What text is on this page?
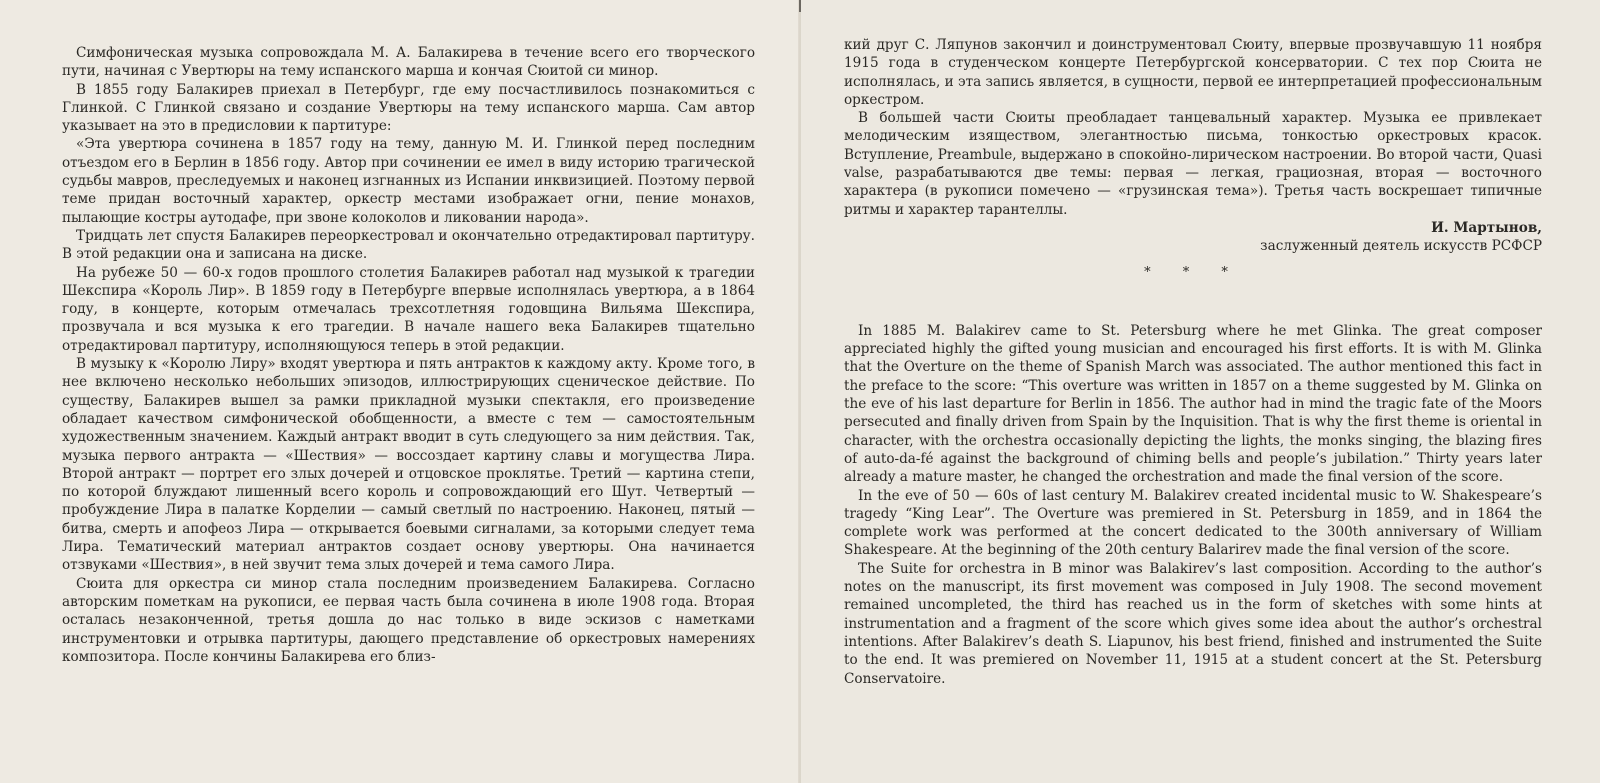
Симфоническая музыка сопровождала М. А. Балакирева в течение всего его творческого пути, начиная с Увертюры на тему испанского марша и кончая Сюитой си минор.

В 1855 году Балакирев приехал в Петербург, где ему посчастливилось познакомиться с Глинкой. С Глинкой связано и создание Увертюры на тему испанского марша. Сам автор указывает на это в предисловии к партитуре:

«Эта увертюра сочинена в 1857 году на тему, данную М. И. Глинкой перед последним отъездом его в Берлин в 1856 году. Автор при сочинении ее имел в виду историю трагической судьбы мавров, преследуемых и наконец изгнанных из Испании инквизицией. Поэтому первой теме придан восточный характер, оркестр местами изображает огни, пение монахов, пылающие костры аутодафе, при звоне колоколов и ликовании народа».

Тридцать лет спустя Балакирев переоркестровал и окончательно отредактировал партитуру. В этой редакции она и записана на диске.

На рубеже 50 — 60-х годов прошлого столетия Балакирев работал над музыкой к трагедии Шекспира «Король Лир». В 1859 году в Петербурге впервые исполнялась увертюра, а в 1864 году, в концерте, которым отмечалась трехсотлетняя годовщина Вильяма Шекспира, прозвучала и вся музыка к его трагедии. В начале нашего века Балакирев тщательно отредактировал партитуру, исполняющуюся теперь в этой редакции.

В музыку к «Королю Лиру» входят увертюра и пять антрактов к каждому акту. Кроме того, в нее включено несколько небольших эпизодов, иллюстрирующих сценическое действие. По существу, Балакирев вышел за рамки прикладной музыки спектакля, его произведение обладает качеством симфонической обобщенности, а вместе с тем — самостоятельным художественным значением. Каждый антракт вводит в суть следующего за ним действия. Так, музыка первого антракта — «Шествия» — воссоздает картину славы и могущества Лира. Второй антракт — портрет его злых дочерей и отцовское проклятье. Третий — картина степи, по которой блуждают лишенный всего король и сопровождающий его Шут. Четвертый — пробуждение Лира в палатке Корделии — самый светлый по настроению. Наконец, пятый — битва, смерть и апофеоз Лира — открывается боевыми сигналами, за которыми следует тема Лира. Тематический материал антрактов создает основу увертюры. Она начинается отзвуками «Шествия», в ней звучит тема злых дочерей и тема самого Лира.

Сюита для оркестра си минор стала последним произведением Балакирева. Согласно авторским пометкам на рукописи, ее первая часть была сочинена в июле 1908 года. Вторая осталась незаконченной, третья дошла до нас только в виде эскизов с наметками инструментовки и отрывка партитуры, дающего представление об оркестровых намерениях композитора. После кончины Балакирева его близ-

кий друг С. Ляпунов закончил и доинструментовал Сюиту, впервые прозвучавшую 11 ноября 1915 года в студенческом концерте Петербургской консерватории. С тех пор Сюита не исполнялась, и эта запись является, в сущности, первой ее интерпретацией профессиональным оркестром.

В большей части Сюиты преобладает танцевальный характер. Музыка ее привлекает мелодическим изяществом, элегантностью письма, тонкостью оркестровых красок. Вступление, Preambule, выдержано в спокойно-лирическом настроении. Во второй части, Quasi valse, разрабатываются две темы: первая — легкая, грациозная, вторая — восточного характера (в рукописи помечено — «грузинская тема»). Третья часть воскрешает типичные ритмы и характер тарантеллы.

И. Мартынов,

заслуженный деятель искусств РСФСР

* * *

In 1885 M. Balakirev came to St. Petersburg where he met Glinka. The great composer appreciated highly the gifted young musician and encouraged his first efforts. It is with M. Glinka that the Overture on the theme of Spanish March was associated. The author mentioned this fact in the preface to the score: “This overture was written in 1857 on a theme suggested by M. Glinka on the eve of his last departure for Berlin in 1856. The author had in mind the tragic fate of the Moors persecuted and finally driven from Spain by the Inquisition. That is why the first theme is oriental in character, with the orchestra occasionally depicting the lights, the monks singing, the blazing fires of auto-da-fé against the background of chiming bells and people’s jubilation.” Thirty years later already a mature master, he changed the orchestration and made the final version of the score.

In the eve of 50 — 60s of last century M. Balakirev created incidental music to W. Shakespeare’s tragedy “King Lear”. The Overture was premiered in St. Petersburg in 1859, and in 1864 the complete work was performed at the concert dedicated to the 300th anniversary of William Shakespeare. At the beginning of the 20th century Balarirev made the final version of the score.

The Suite for orchestra in B minor was Balakirev’s last composition. According to the author’s notes on the manuscript, its first movement was composed in July 1908. The second movement remained uncompleted, the third has reached us in the form of sketches with some hints at instrumentation and a fragment of the score which gives some idea about the author’s orchestral intentions. After Balakirev’s death S. Liapunov, his best friend, finished and instrumented the Suite to the end. It was premiered on November 11, 1915 at a student concert at the St. Petersburg Conservatoire.
